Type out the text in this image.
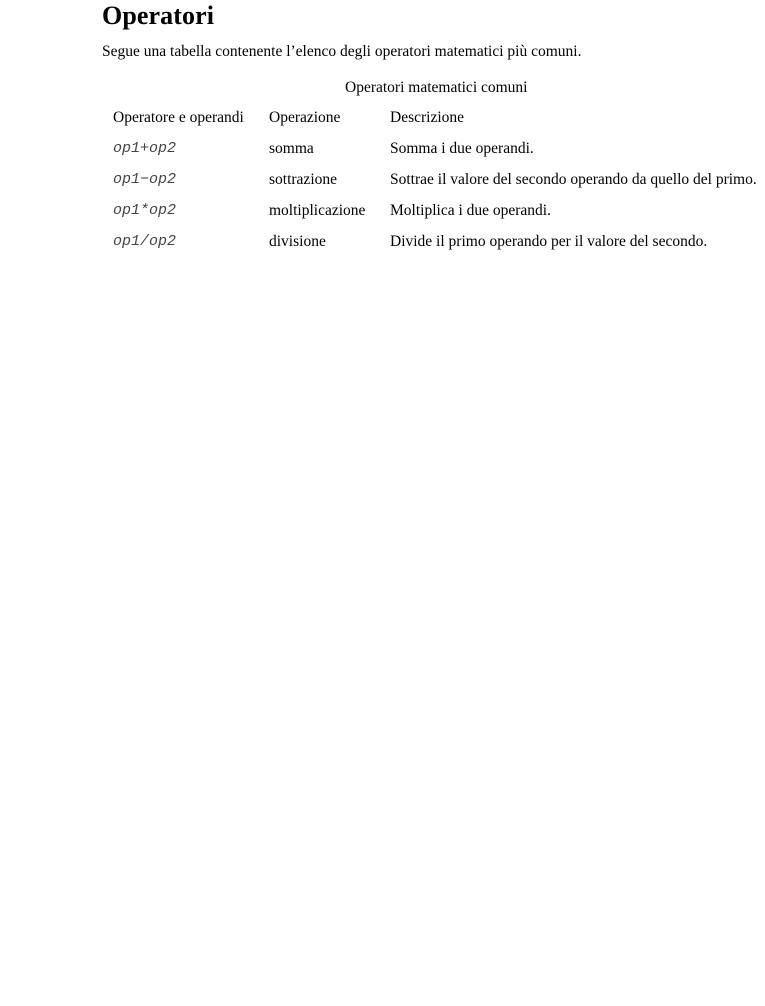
Operatori

Segue una tabella contenente l’elenco degli operatori matematici più comuni.

Operatori matematici comuni
Operatore e operandi	Operazione	Descrizione
op1+op2	somma	Somma i due operandi.
op1−op2	sottrazione	Sottrae il valore del secondo operando da quello del primo.
op1*op2	moltiplicazione	Moltiplica i due operandi.
op1/op2	divisione	Divide il primo operando per il valore del secondo.
